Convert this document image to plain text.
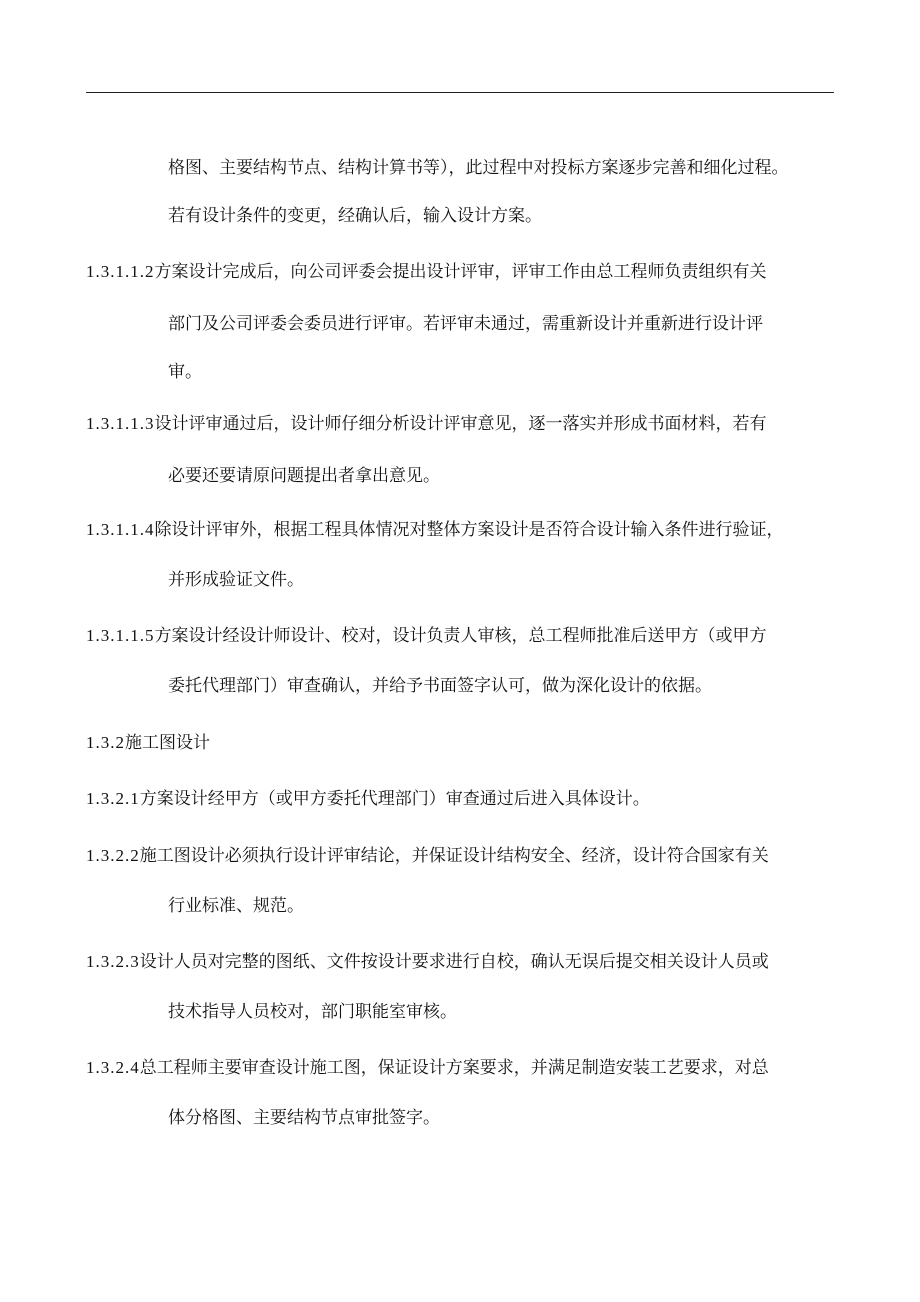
格图、主要结构节点、结构计算书等），此过程中对投标方案逐步完善和细化过程。
若有设计条件的变更，经确认后，输入设计方案。
1.3.1.1.2方案设计完成后，向公司评委会提出设计评审，评审工作由总工程师负责组织有关
部门及公司评委会委员进行评审。若评审未通过，需重新设计并重新进行设计评
审。
1.3.1.1.3设计评审通过后，设计师仔细分析设计评审意见，逐一落实并形成书面材料，若有
必要还要请原问题提出者拿出意见。
1.3.1.1.4除设计评审外，根据工程具体情况对整体方案设计是否符合设计输入条件进行验证，
并形成验证文件。
1.3.1.1.5方案设计经设计师设计、校对，设计负责人审核，总工程师批准后送甲方（或甲方
委托代理部门）审查确认，并给予书面签字认可，做为深化设计的依据。
1.3.2施工图设计
1.3.2.1方案设计经甲方（或甲方委托代理部门）审查通过后进入具体设计。
1.3.2.2施工图设计必须执行设计评审结论，并保证设计结构安全、经济，设计符合国家有关
行业标准、规范。
1.3.2.3设计人员对完整的图纸、文件按设计要求进行自校，确认无误后提交相关设计人员或
技术指导人员校对，部门职能室审核。
1.3.2.4总工程师主要审查设计施工图，保证设计方案要求，并满足制造安装工艺要求，对总
体分格图、主要结构节点审批签字。
